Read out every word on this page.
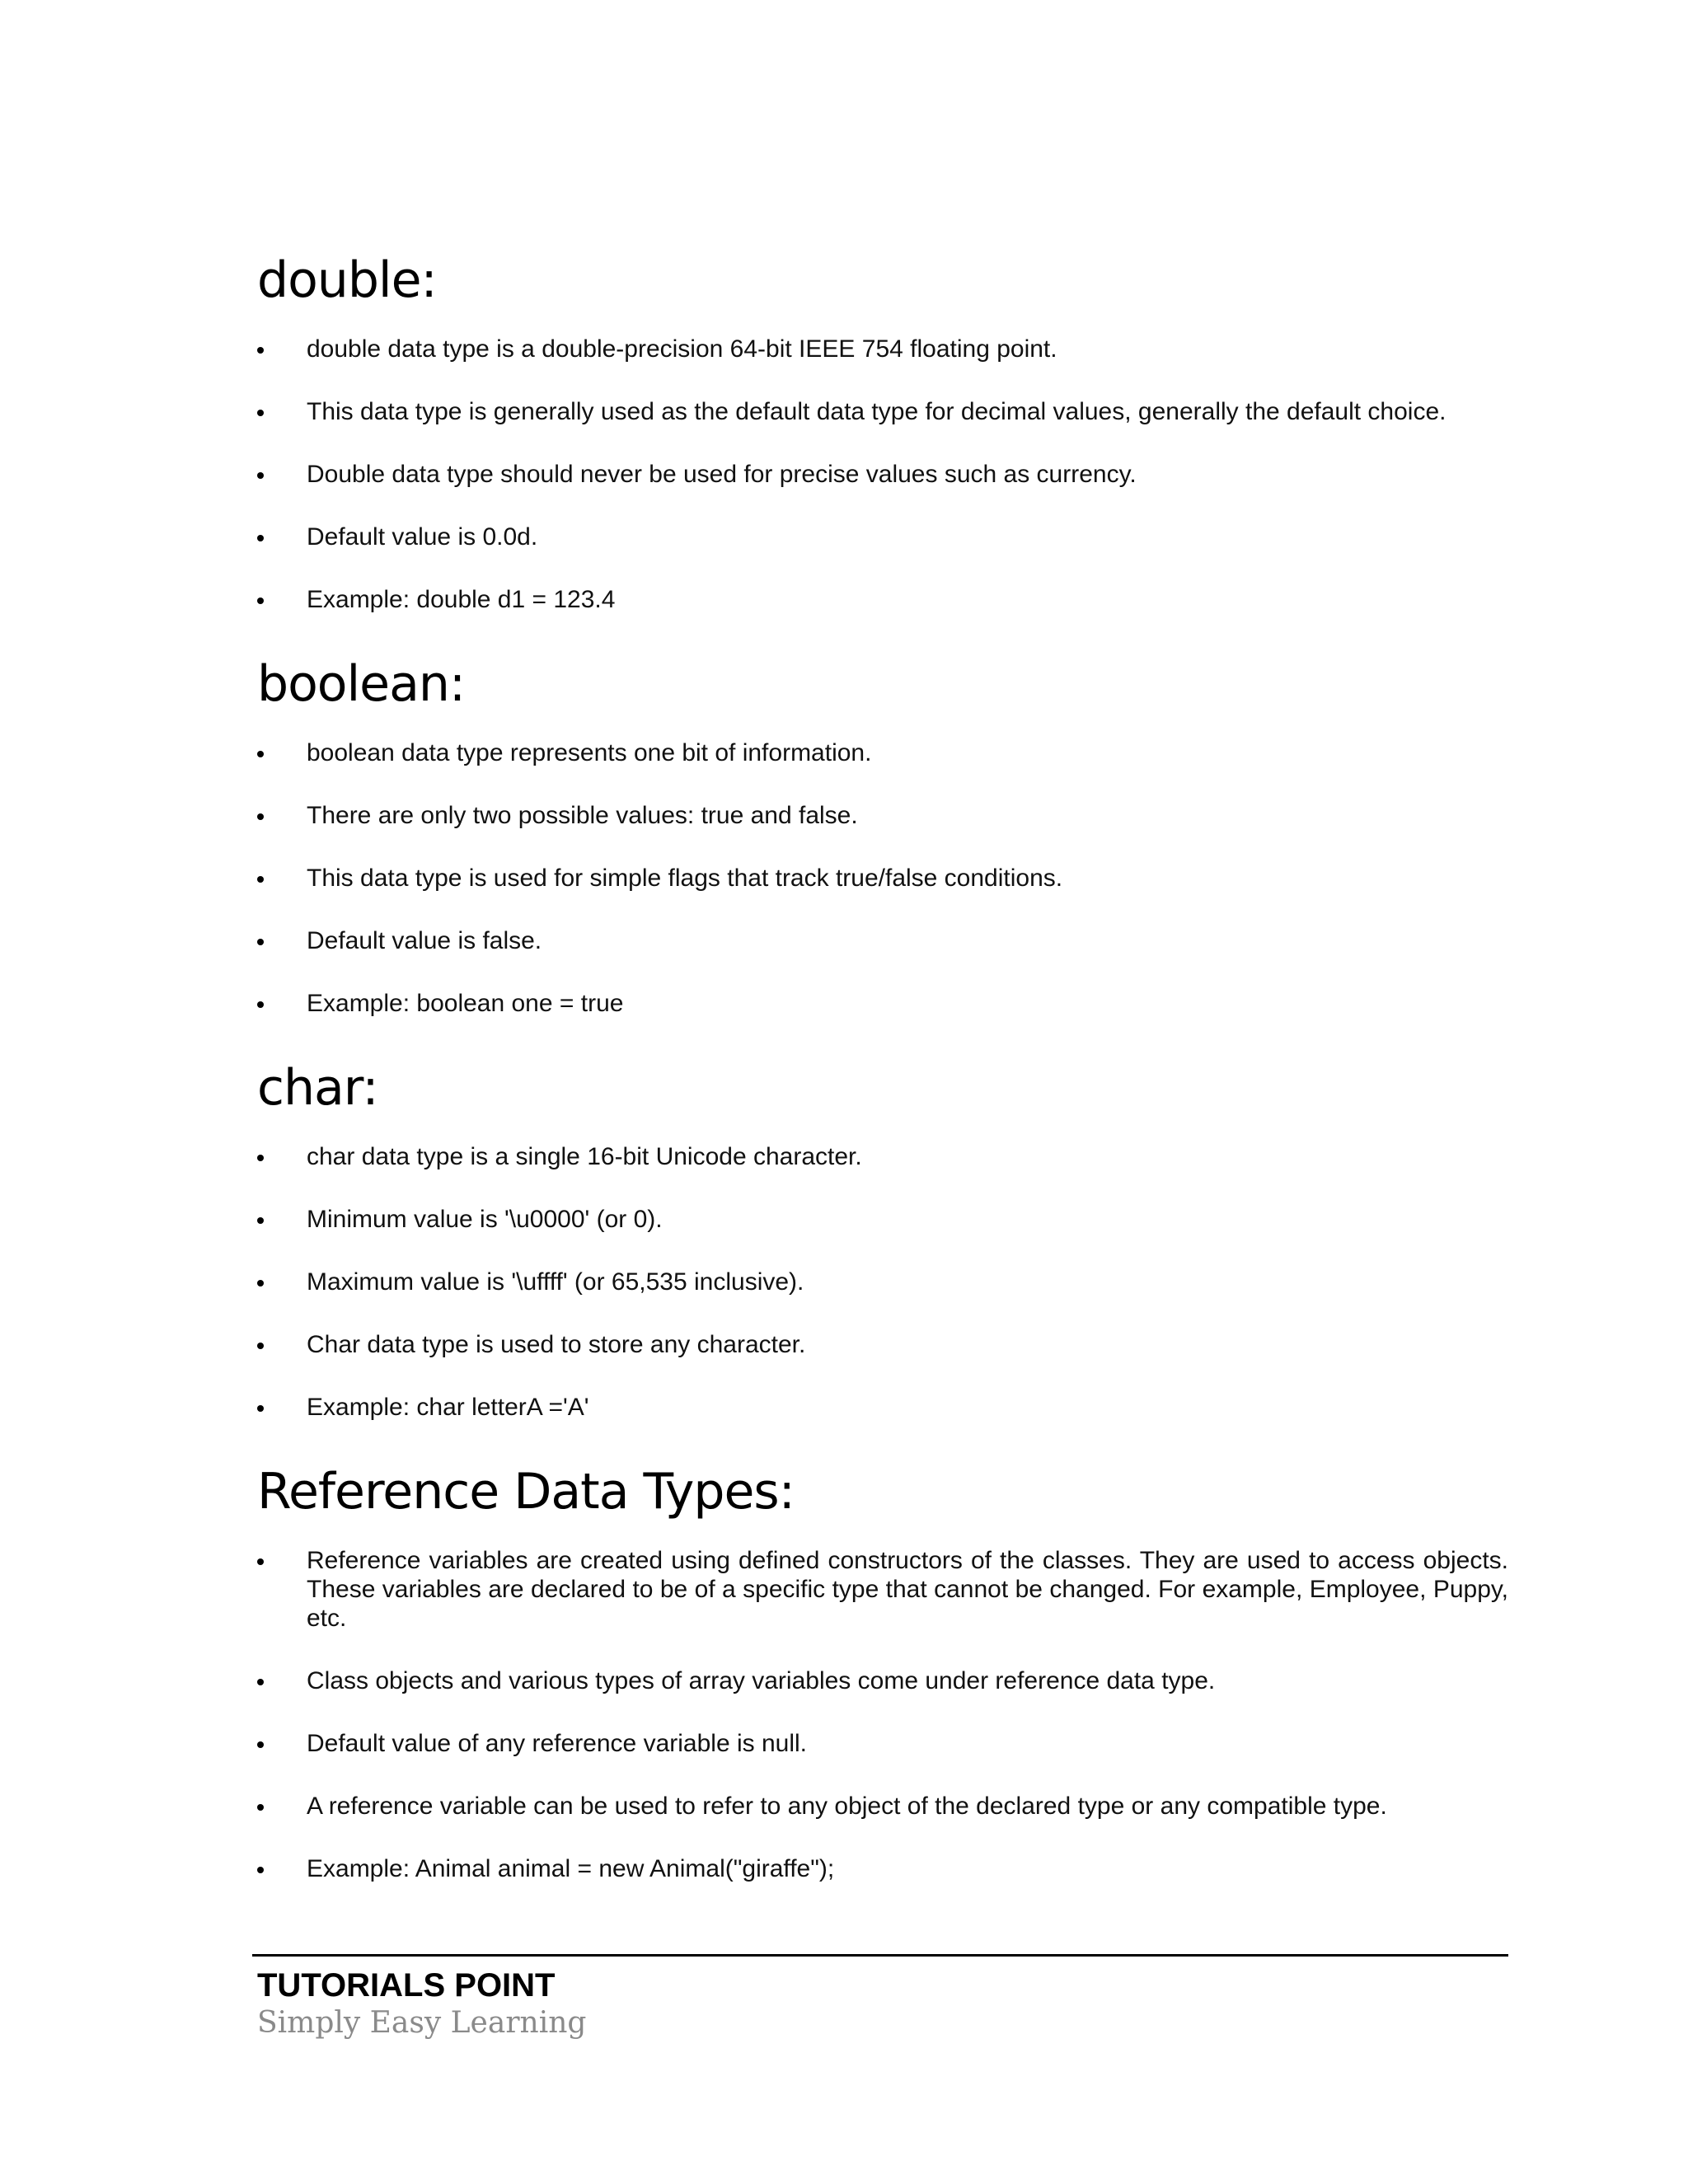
double:
double data type is a double-precision 64-bit IEEE 754 floating point.
This data type is generally used as the default data type for decimal values, generally the default choice.
Double data type should never be used for precise values such as currency.
Default value is 0.0d.
Example: double d1 = 123.4
boolean:
boolean data type represents one bit of information.
There are only two possible values: true and false.
This data type is used for simple flags that track true/false conditions.
Default value is false.
Example: boolean one = true
char:
char data type is a single 16-bit Unicode character.
Minimum value is '\u0000' (or 0).
Maximum value is '\uffff' (or 65,535 inclusive).
Char data type is used to store any character.
Example: char letterA ='A'
Reference Data Types:
Reference variables are created using defined constructors of the classes. They are used to access objects. These variables are declared to be of a specific type that cannot be changed. For example, Employee, Puppy, etc.
Class objects and various types of array variables come under reference data type.
Default value of any reference variable is null.
A reference variable can be used to refer to any object of the declared type or any compatible type.
Example: Animal animal = new Animal("giraffe");
TUTORIALS POINT
Simply Easy Learning
